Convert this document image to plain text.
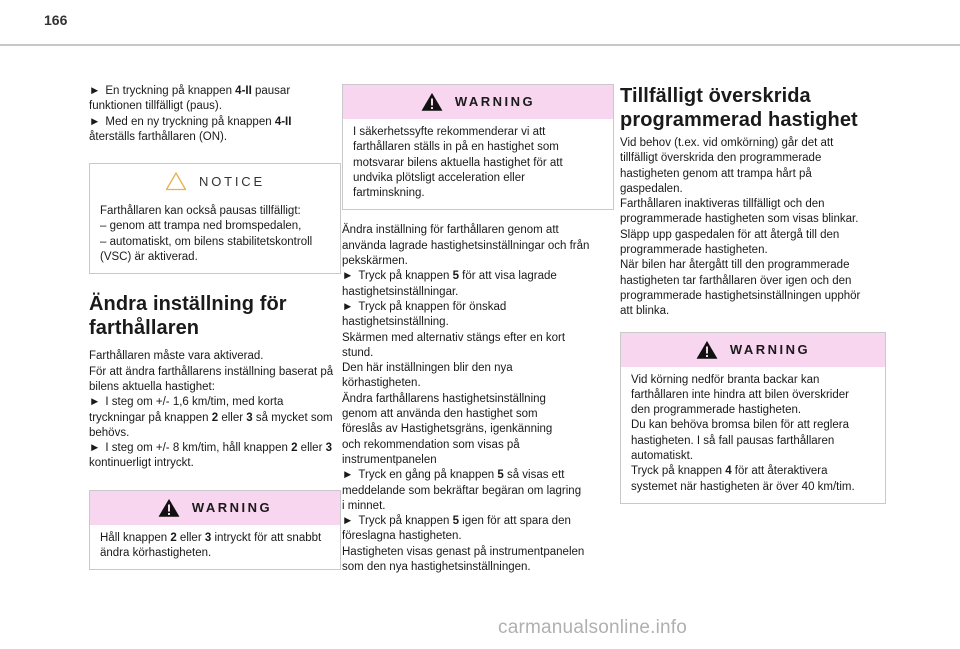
166

► En tryckning på knappen 4-II pausar
funktionen tillfälligt (paus).
► Med en ny tryckning på knappen 4-II
återställs farthållaren (ON).

NOTICE
Farthållaren kan också pausas tillfälligt:
– genom att trampa ned bromspedalen,
– automatiskt, om bilens stabilitetskontroll
(VSC) är aktiverad.
Ändra inställning för
farthållaren

Farthållaren måste vara aktiverad.
För att ändra farthållarens inställning baserat på
bilens aktuella hastighet:
► I steg om +/- 1,6 km/tim, med korta
tryckningar på knappen 2 eller 3 så mycket som
behövs.
► I steg om +/- 8 km/tim, håll knappen 2 eller 3
kontinuerligt intryckt.

WARNING
Håll knappen 2 eller 3 intryckt för att snabbt
ändra körhastigheten.
WARNING
I säkerhetssyfte rekommenderar vi att
farthållaren ställs in på en hastighet som
motsvarar bilens aktuella hastighet för att
undvika plötsligt acceleration eller
fartminskning.

Ändra inställning för farthållaren genom att
använda lagrade hastighetsinställningar och från
pekskärmen.
► Tryck på knappen 5 för att visa lagrade
hastighetsinställningar.
► Tryck på knappen för önskad
hastighetsinställning.
Skärmen med alternativ stängs efter en kort
stund.
Den här inställningen blir den nya
körhastigheten.
Ändra farthållarens hastighetsinställning
genom att använda den hastighet som
föreslås av Hastighetsgräns, igenkänning
och rekommendation som visas på
instrumentpanelen
► Tryck en gång på knappen 5 så visas ett
meddelande som bekräftar begäran om lagring
i minnet.
► Tryck på knappen 5 igen för att spara den
föreslagna hastigheten.
Hastigheten visas genast på instrumentpanelen
som den nya hastighetsinställningen.

Tillfälligt överskrida
programmerad hastighet

Vid behov (t.ex. vid omkörning) går det att
tillfälligt överskrida den programmerade
hastigheten genom att trampa hårt på
gaspedalen.
Farthållaren inaktiveras tillfälligt och den
programmerade hastigheten som visas blinkar.
Släpp upp gaspedalen för att återgå till den
programmerade hastigheten.
När bilen har återgått till den programmerade
hastigheten tar farthållaren över igen och den
programmerade hastighetsinställningen upphör
att blinka.

WARNING
Vid körning nedför branta backar kan
farthållaren inte hindra att bilen överskrider
den programmerade hastigheten.
Du kan behöva bromsa bilen för att reglera
hastigheten. I så fall pausas farthållaren
automatiskt.
Tryck på knappen 4 för att återaktivera
systemet när hastigheten är över 40 km/tim.
carmanualsonline.info
